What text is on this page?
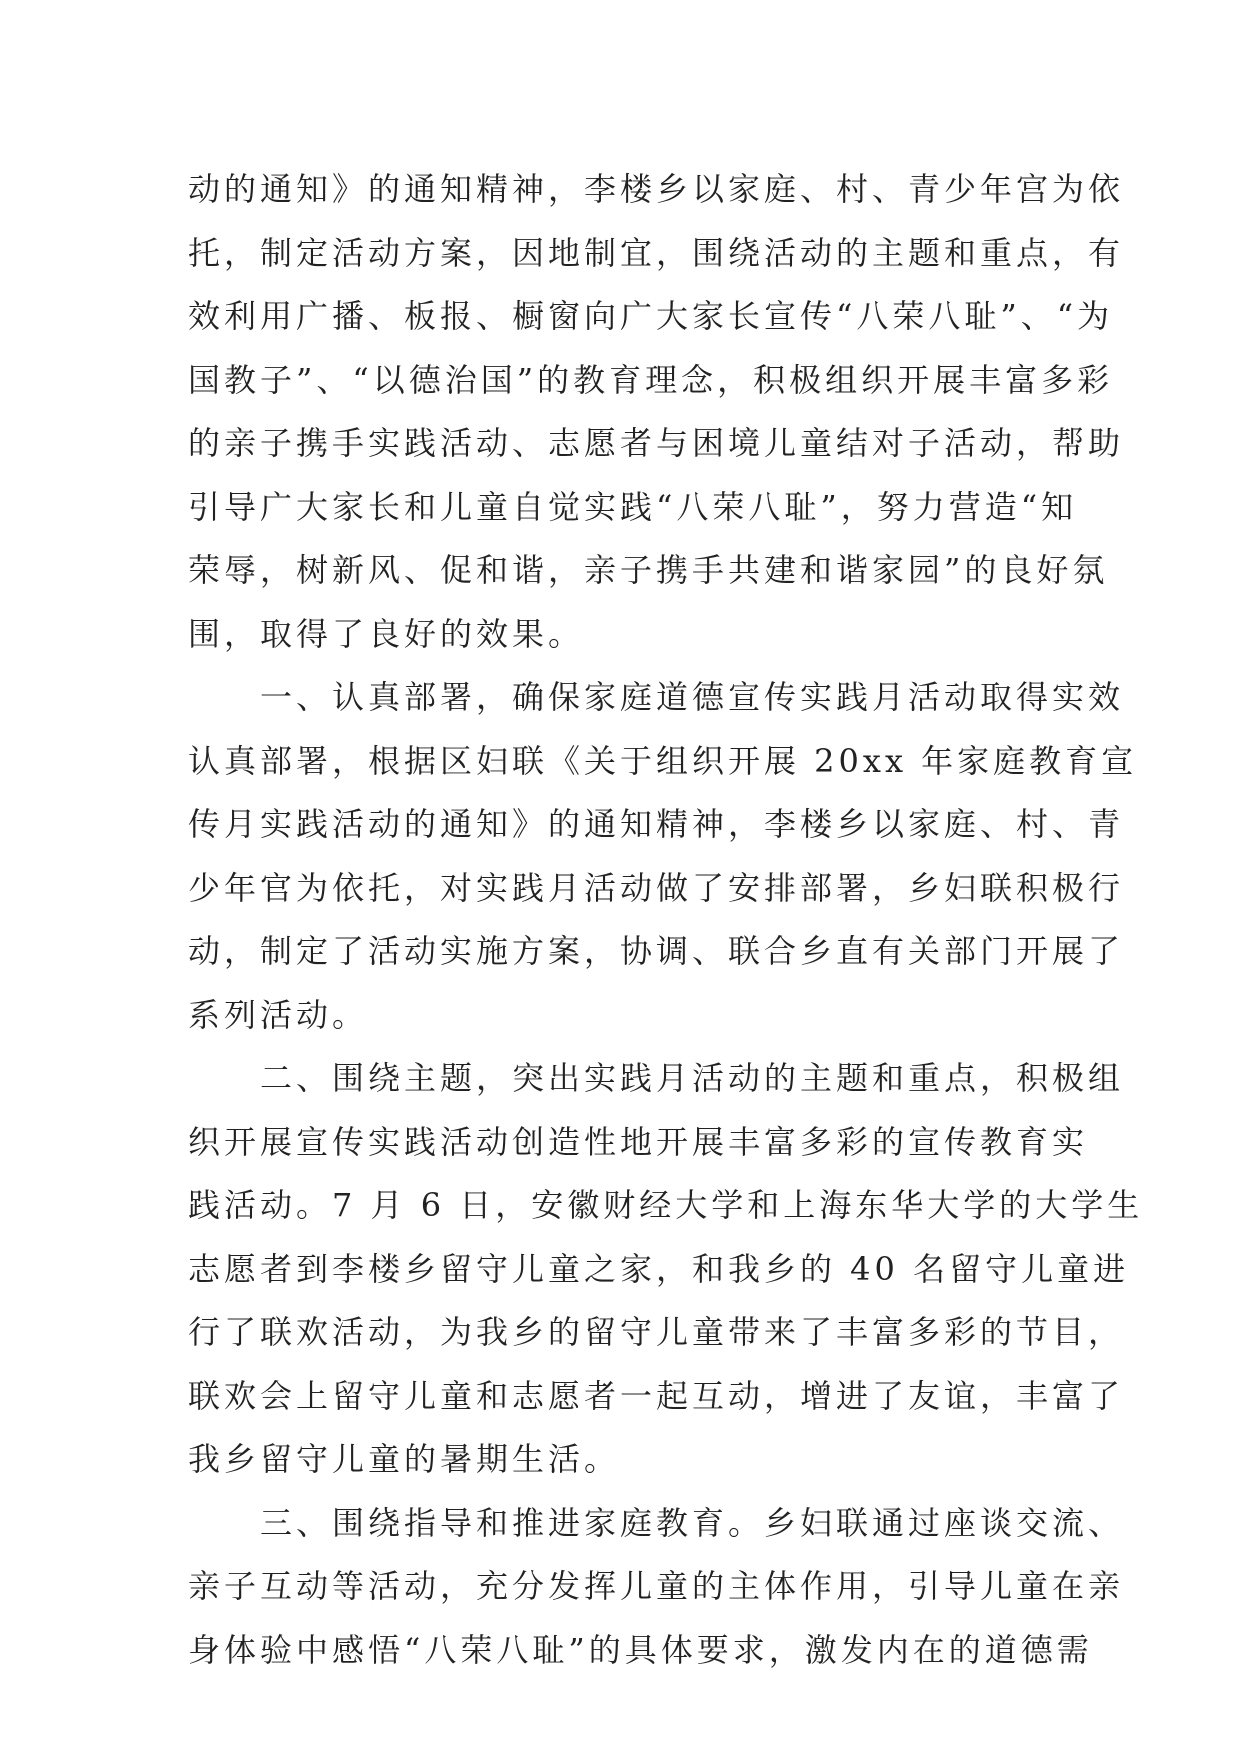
动的通知》的通知精神，李楼乡以家庭、村、青少年宫为依
托，制定活动方案，因地制宜，围绕活动的主题和重点，有
效利用广播、板报、橱窗向广大家长宣传“八荣八耻”、“为
国教子”、“以德治国”的教育理念，积极组织开展丰富多彩
的亲子携手实践活动、志愿者与困境儿童结对子活动，帮助
引导广大家长和儿童自觉实践“八荣八耻”，努力营造“知
荣辱，树新风、促和谐，亲子携手共建和谐家园”的良好氛
围，取得了良好的效果。
　　一、认真部署，确保家庭道德宣传实践月活动取得实效
认真部署，根据区妇联《关于组织开展 20xx 年家庭教育宣
传月实践活动的通知》的通知精神，李楼乡以家庭、村、青
少年官为依托，对实践月活动做了安排部署，乡妇联积极行
动，制定了活动实施方案，协调、联合乡直有关部门开展了
系列活动。
　　二、围绕主题，突出实践月活动的主题和重点，积极组
织开展宣传实践活动创造性地开展丰富多彩的宣传教育实
践活动。7 月 6 日，安徽财经大学和上海东华大学的大学生
志愿者到李楼乡留守儿童之家，和我乡的 40 名留守儿童进
行了联欢活动，为我乡的留守儿童带来了丰富多彩的节目，
联欢会上留守儿童和志愿者一起互动，增进了友谊，丰富了
我乡留守儿童的暑期生活。
　　三、围绕指导和推进家庭教育。乡妇联通过座谈交流、
亲子互动等活动，充分发挥儿童的主体作用，引导儿童在亲
身体验中感悟“八荣八耻”的具体要求，激发内在的道德需
